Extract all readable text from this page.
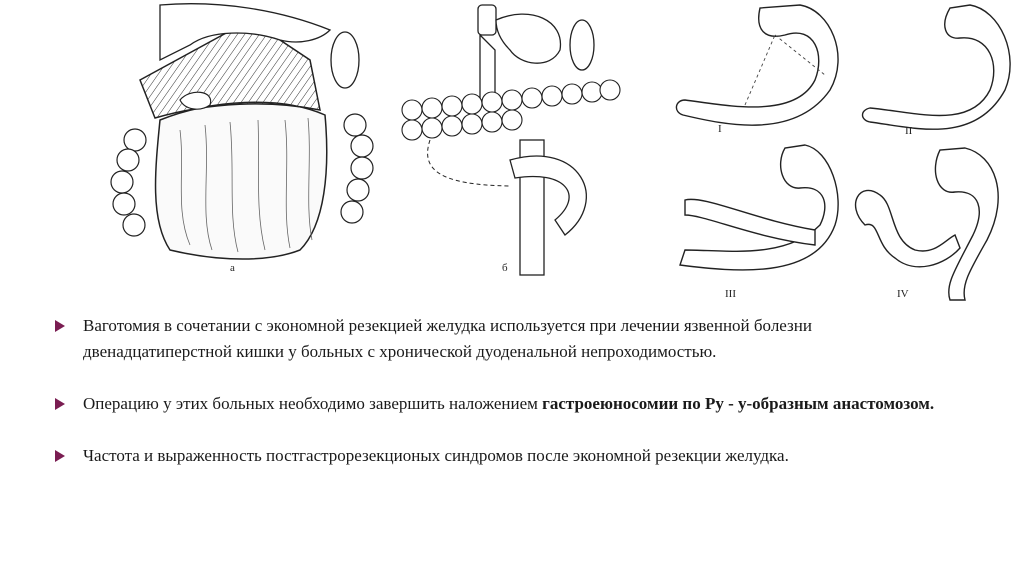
а	б
I	II
III	IV
Ваготомия в сочетании с экономной резекцией желудка используется при лечении язвенной болезни двенадцатиперстной кишки у больных с хронической дуоденальной непроходимостью.
Операцию у этих больных необходимо завершить наложением гастроеюносомии по Ру - у-образным анастомозом.
Частота и выраженность постгастрорезекционых синдромов после экономной резекции желудка.
